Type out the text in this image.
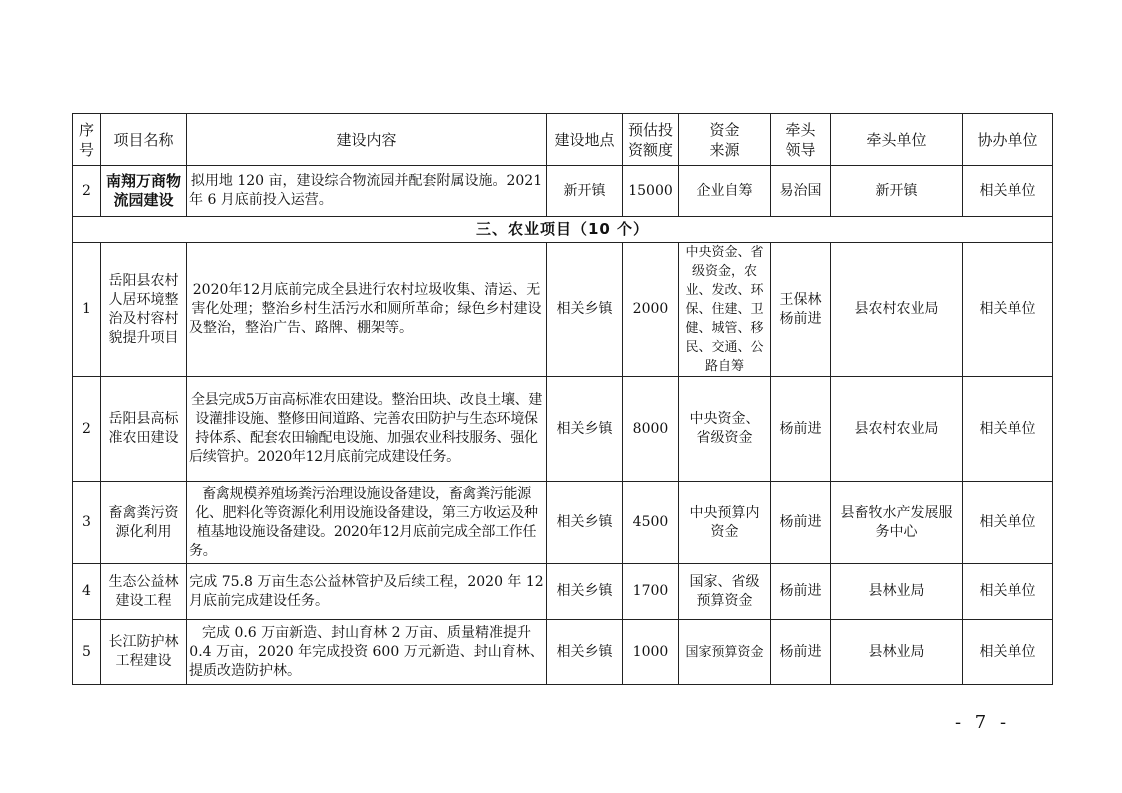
序号	项目名称	建设内容	建设地点	预估投资额度	资金来源	牵头领导	牵头单位	协办单位
2	南翔万商物流园建设	拟用地 120 亩，建设综合物流园并配套附属设施。2021 年 6 月底前投入运营。	新开镇	15000	企业自筹	易治国	新开镇	相关单位
三、农业项目（10 个）								
1	岳阳县农村人居环境整治及村容村貌提升项目	2020年12月底前完成全县进行农村垃圾收集、清运、无害化处理；整治乡村生活污水和厕所革命；绿色乡村建设及整治，整治广告、路牌、棚架等。	相关乡镇	2000	中央资金、省级资金，农业、发改、环保、住建、卫健、城管、移民、交通、公路自筹	王保林杨前进	县农村农业局	相关单位
2	岳阳县高标准农田建设	全县完成5万亩高标准农田建设。整治田块、改良土壤、建设灌排设施、整修田间道路、完善农田防护与生态环境保持体系、配套农田输配电设施、加强农业科技服务、强化后续管护。2020年12月底前完成建设任务。	相关乡镇	8000	中央资金、省级资金	杨前进	县农村农业局	相关单位
3	畜禽粪污资源化利用	畜禽规模养殖场粪污治理设施设备建设，畜禽粪污能源化、肥料化等资源化利用设施设备建设，第三方收运及种植基地设施设备建设。2020年12月底前完成全部工作任务。	相关乡镇	4500	中央预算内资金	杨前进	县畜牧水产发展服务中心	相关单位
4	生态公益林建设工程	完成 75.8 万亩生态公益林管护及后续工程，2020 年 12 月底前完成建设任务。	相关乡镇	1700	国家、省级预算资金	杨前进	县林业局	相关单位
5	长江防护林工程建设	完成 0.6 万亩新造、封山育林 2 万亩、质量精准提升 0.4 万亩，2020 年完成投资 600 万元新造、封山育林、提质改造防护林。	相关乡镇	1000	国家预算资金	杨前进	县林业局	相关单位
- 7 -
